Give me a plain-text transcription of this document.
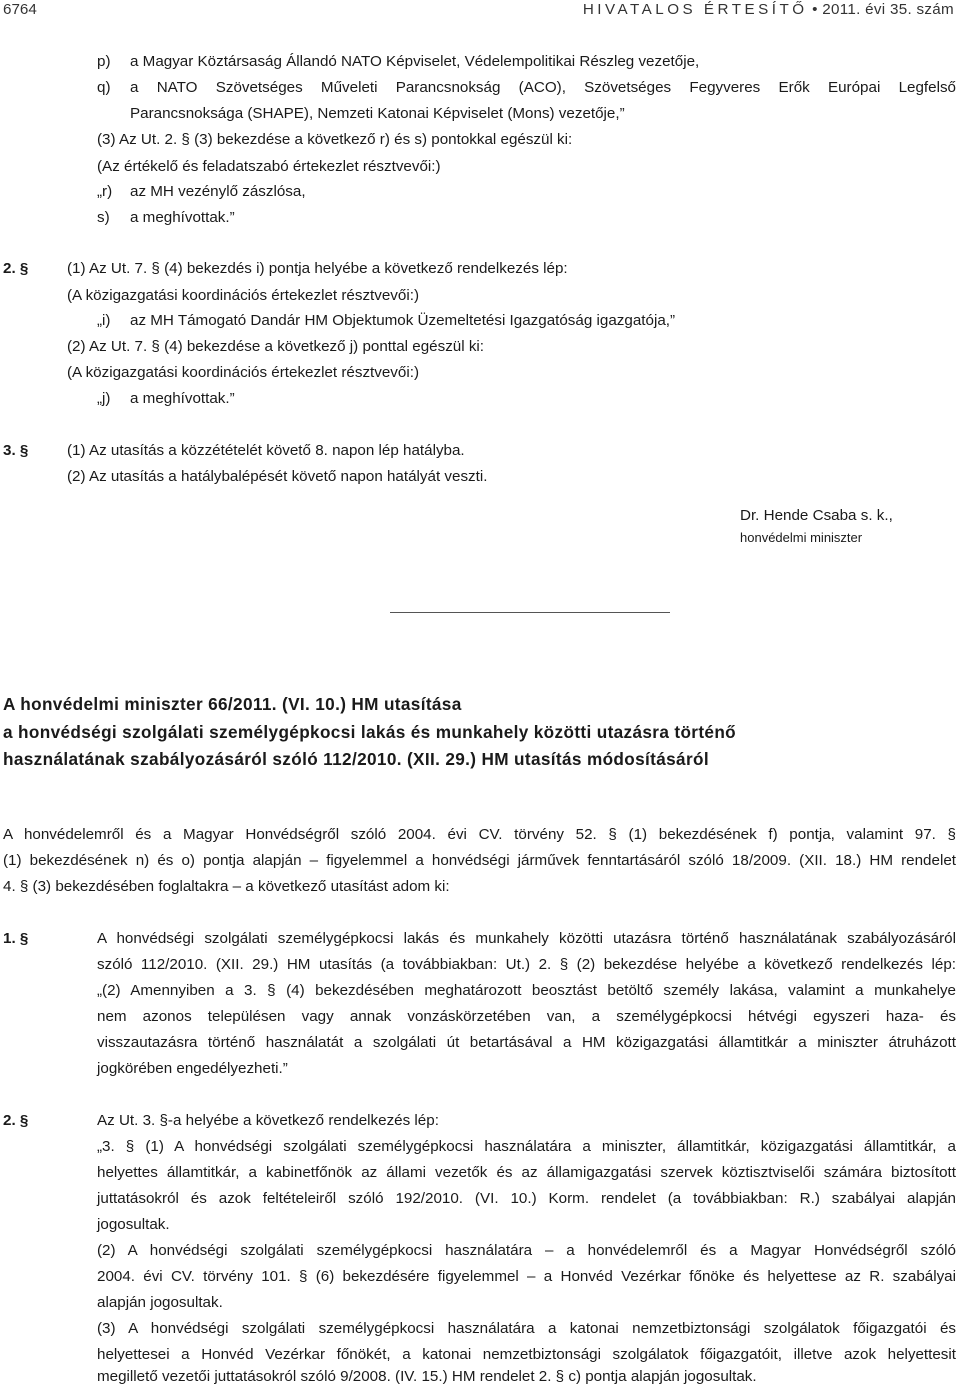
6764	HIVATALOS ÉRTESÍTŐ • 2011. évi 35. szám
p) a Magyar Köztársaság Állandó NATO Képviselet, Védelempolitikai Részleg vezetője,
q) a NATO Szövetséges Műveleti Parancsnokság (ACO), Szövetséges Fegyveres Erők Európai Legfelső
Parancsnoksága (SHAPE), Nemzeti Katonai Képviselet (Mons) vezetője,”
(3) Az Ut. 2. § (3) bekezdése a következő r) és s) pontokkal egészül ki:
(Az értékelő és feladatszabó értekezlet résztvevői:)
„r) az MH vezénylő zászlósa,
s) a meghívottak.”
2. §	(1) Az Ut. 7. § (4) bekezdés i) pontja helyébe a következő rendelkezés lép:
(A közigazgatási koordinációs értekezlet résztvevői:)
„i) az MH Támogató Dandár HM Objektumok Üzemeltetési Igazgatóság igazgatója,”
(2) Az Ut. 7. § (4) bekezdése a következő j) ponttal egészül ki:
(A közigazgatási koordinációs értekezlet résztvevői:)
„j) a meghívottak.”
3. §	(1) Az utasítás a közzétételét követő 8. napon lép hatályba.
(2) Az utasítás a hatálybalépését követő napon hatályát veszti.
Dr. Hende Csaba s. k.,
honvédelmi miniszter
A honvédelmi miniszter 66/2011. (VI. 10.) HM utasítása
a honvédségi szolgálati személygépkocsi lakás és munkahely közötti utazásra történő
használatának szabályozásáról szóló 112/2010. (XII. 29.) HM utasítás módosításáról
A honvédelemről és a Magyar Honvédségről szóló 2004. évi CV. törvény 52. § (1) bekezdésének f) pontja, valamint 97. §
(1) bekezdésének n) és o) pontja alapján – figyelemmel a honvédségi járművek fenntartásáról szóló 18/2009. (XII. 18.) HM rendelet
4. § (3) bekezdésében foglaltakra – a következő utasítást adom ki:
1. §	A honvédségi szolgálati személygépkocsi lakás és munkahely közötti utazásra történő használatának szabályozásáról
szóló 112/2010. (XII. 29.) HM utasítás (a továbbiakban: Ut.) 2. § (2) bekezdése helyébe a következő rendelkezés lép:
„(2) Amennyiben a 3. § (4) bekezdésében meghatározott beosztást betöltő személy lakása, valamint a munkahelye
nem azonos településen vagy annak vonzáskörzetében van, a személygépkocsi hétvégi egyszeri haza- és
visszautazásra történő használatát a szolgálati út betartásával a HM közigazgatási államtitkár a miniszter átruházott
jogkörében engedélyezheti.”
2. §	Az Ut. 3. §-a helyébe a következő rendelkezés lép:
„3. § (1) A honvédségi szolgálati személygépkocsi használatára a miniszter, államtitkár, közigazgatási államtitkár, a
helyettes államtitkár, a kabinetfőnök az állami vezetők és az államigazgatási szervek köztisztviselői számára biztosított
juttatásokról és azok feltételeiről szóló 192/2010. (VI. 10.) Korm. rendelet (a továbbiakban: R.) szabályai alapján
jogosultak.
(2) A honvédségi szolgálati személygépkocsi használatára – a honvédelemről és a Magyar Honvédségről szóló
2004. évi CV. törvény 101. § (6) bekezdésére figyelemmel – a Honvéd Vezérkar főnöke és helyettese az R. szabályai
alapján jogosultak.
(3) A honvédségi szolgálati személygépkocsi használatára a katonai nemzetbiztonsági szolgálatok főigazgatói és
helyettesei a Honvéd Vezérkar főnökét, a katonai nemzetbiztonsági szolgálatok főigazgatóit, illetve azok helyettesit
megillető vezetői juttatásokról szóló 9/2008. (IV. 15.) HM rendelet 2. § c) pontja alapján jogosultak.
